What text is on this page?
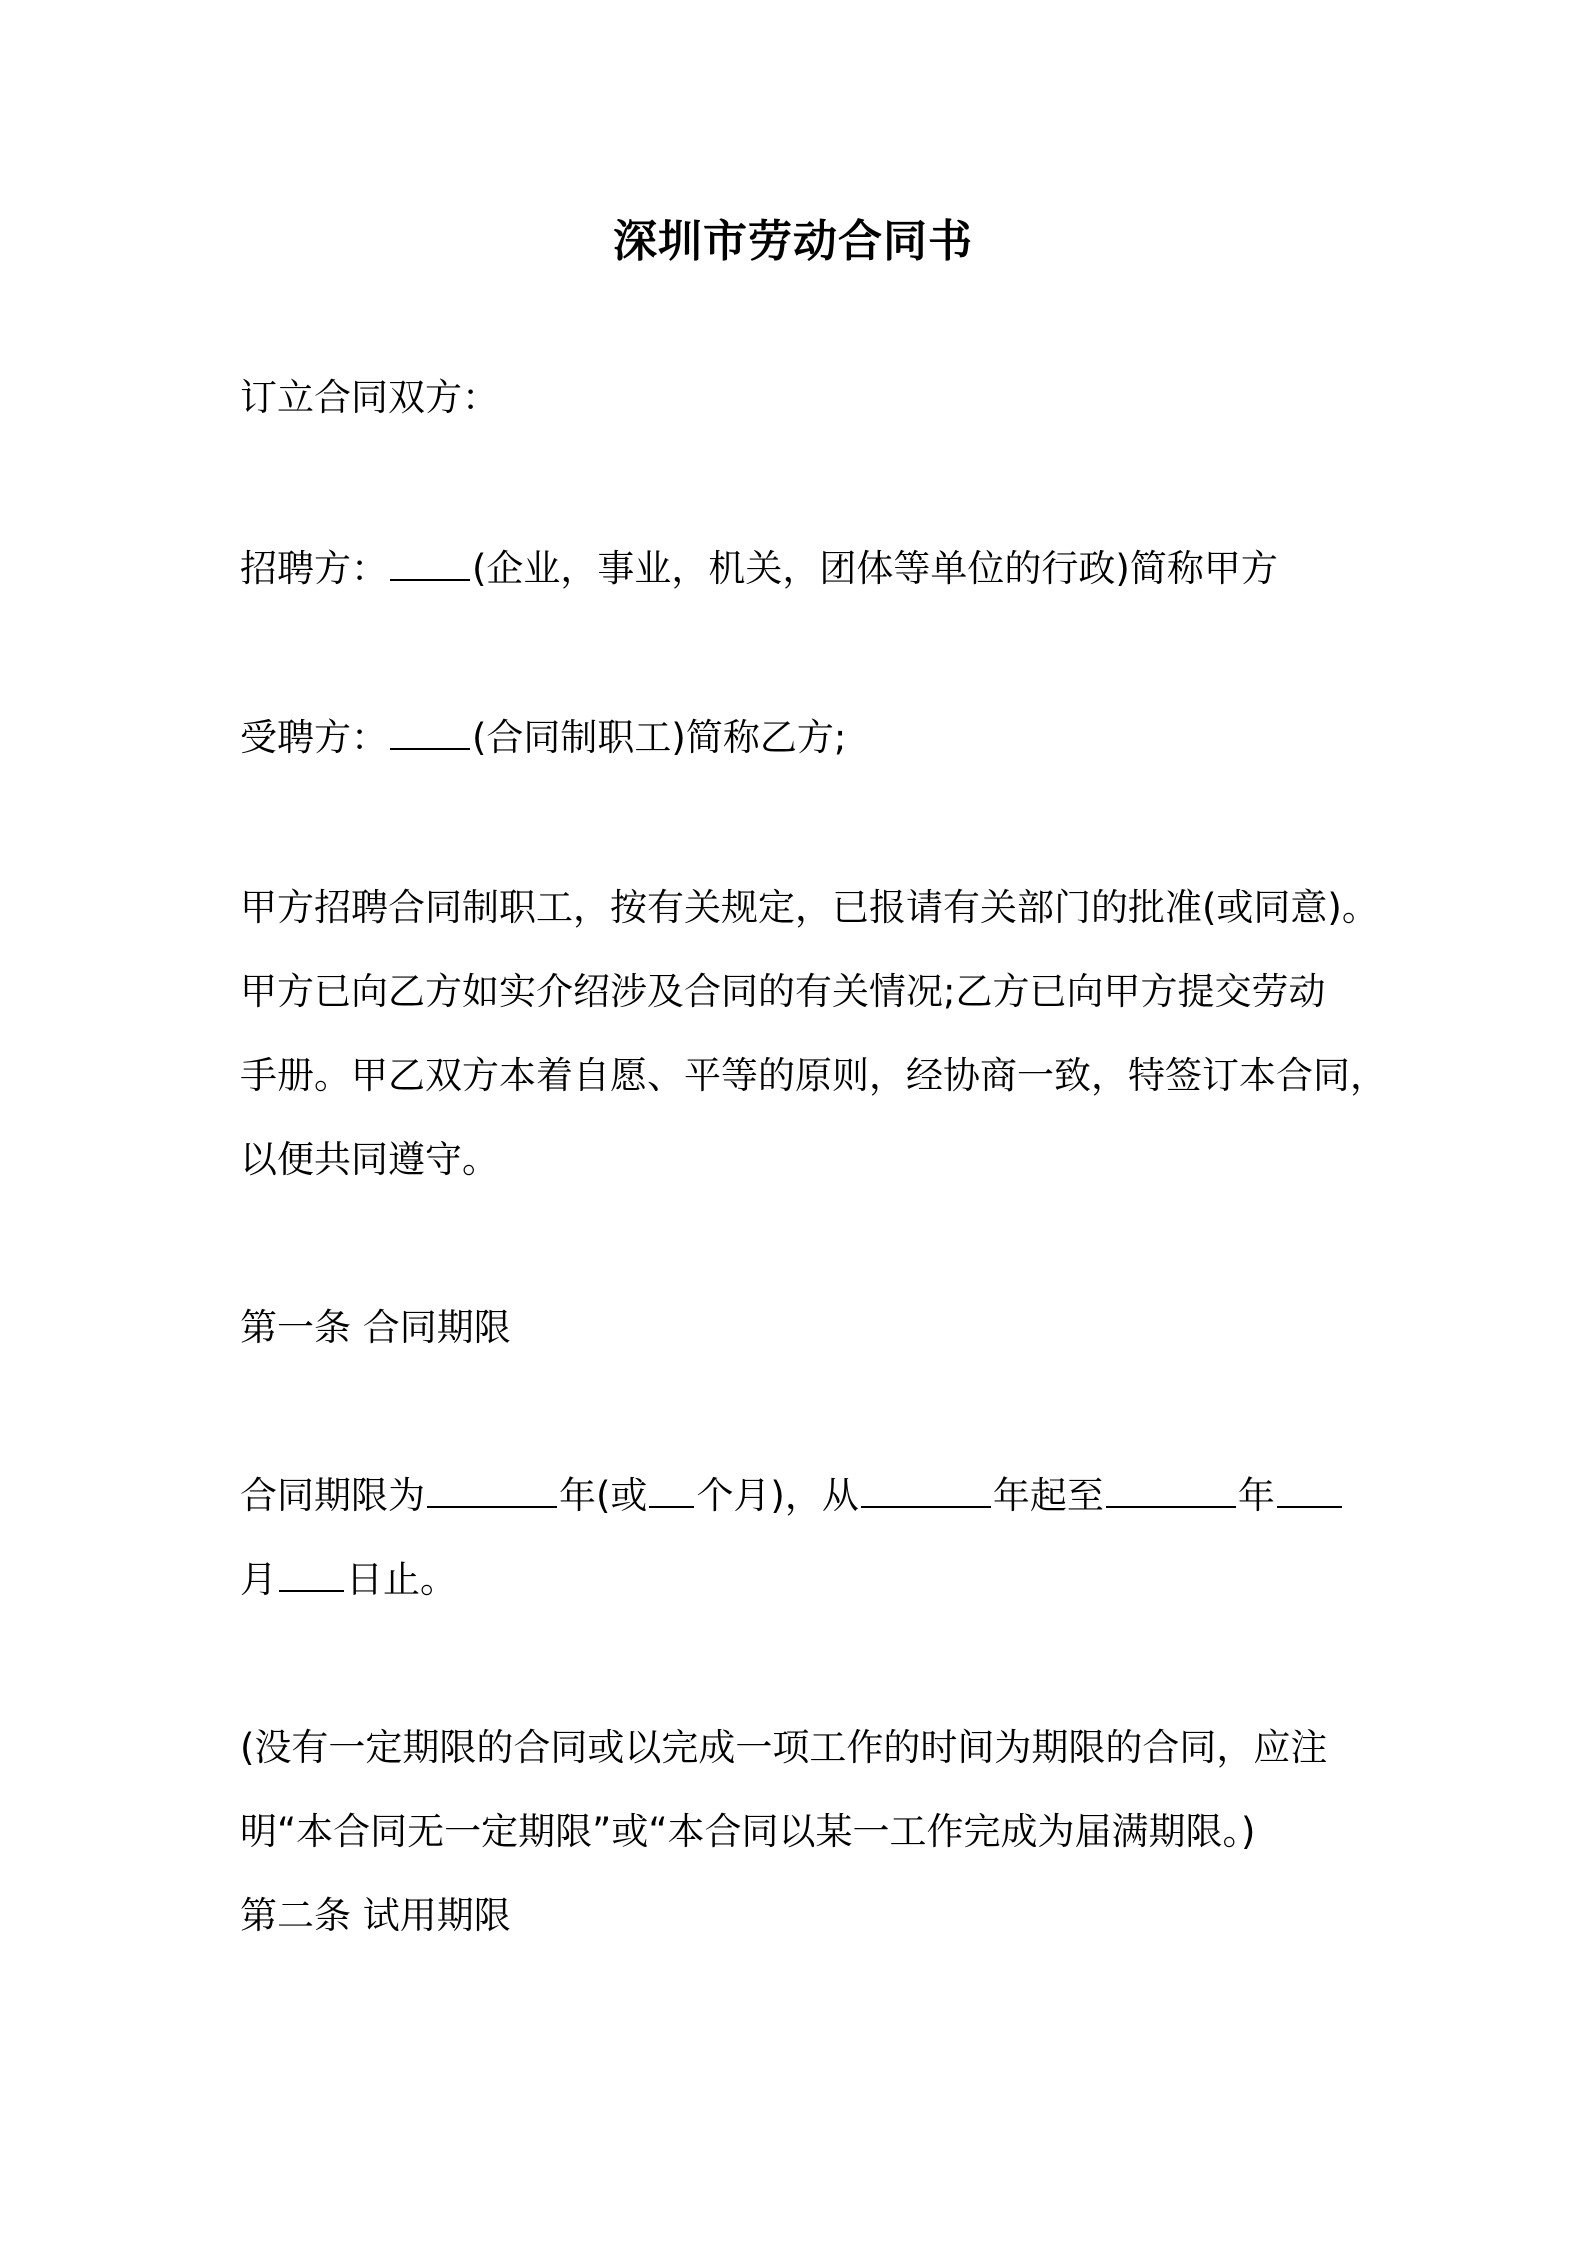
深圳市劳动合同书

订立合同双方：

招聘方： (企业，事业，机关，团体等单位的行政)简称甲方

受聘方： (合同制职工)简称乙方;

甲方招聘合同制职工，按有关规定，已报请有关部门的批准(或同意)。

甲方已向乙方如实介绍涉及合同的有关情况;乙方已向甲方提交劳动

手册。甲乙双方本着自愿、平等的原则，经协商一致，特签订本合同，

以便共同遵守。

第一条 合同期限

合同期限为	年(或 个月)，从	年起至	年

月 日止。

(没有一定期限的合同或以完成一项工作的时间为期限的合同，应注

明“本合同无一定期限”或“本合同以某一工作完成为届满期限。)

第二条 试用期限
